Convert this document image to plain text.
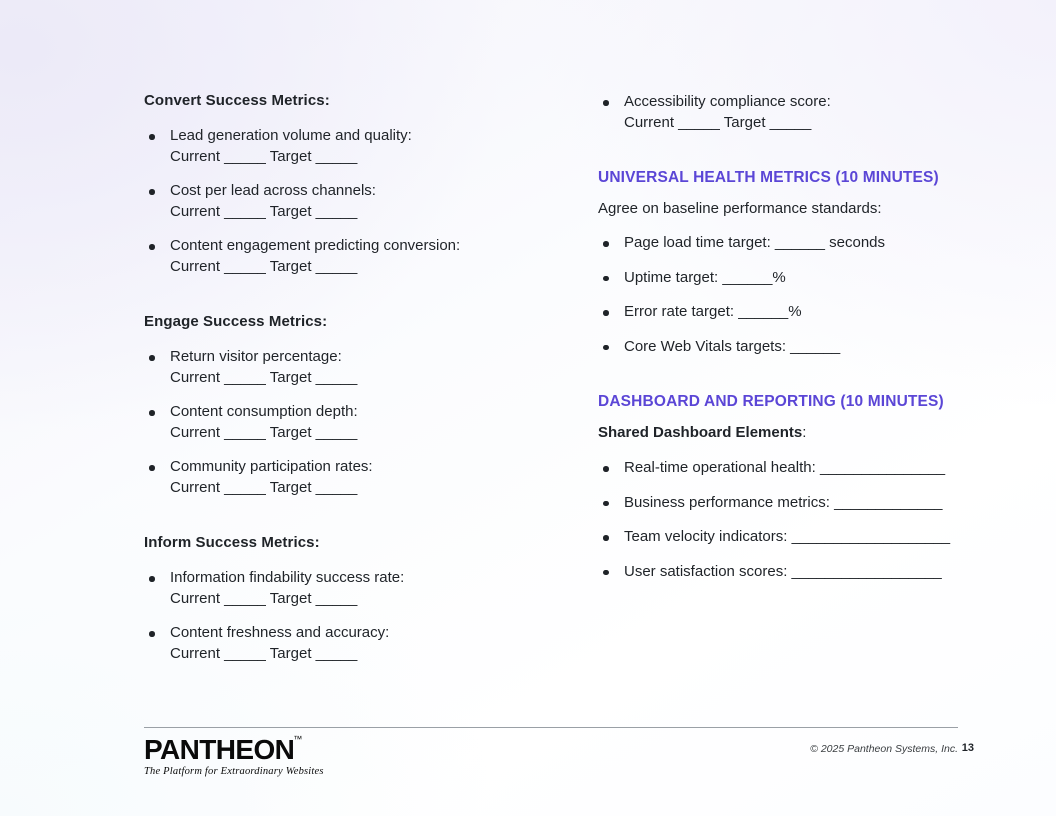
Convert Success Metrics:
Lead generation volume and quality:
Current _____ Target _____
Cost per lead across channels:
Current _____ Target _____
Content engagement predicting conversion:
Current _____ Target _____
Engage Success Metrics:
Return visitor percentage:
Current _____ Target _____
Content consumption depth:
Current _____ Target _____
Community participation rates:
Current _____ Target _____
Inform Success Metrics:
Information findability success rate:
Current _____ Target _____
Content freshness and accuracy:
Current _____ Target _____
Accessibility compliance score:
Current _____ Target _____
UNIVERSAL HEALTH METRICS (10 MINUTES)
Agree on baseline performance standards:
Page load time target: ______ seconds
Uptime target: ______%
Error rate target: ______%
Core Web Vitals targets: ______
DASHBOARD AND REPORTING (10 MINUTES)
Shared Dashboard Elements:
Real-time operational health: _______________
Business performance metrics: _____________
Team velocity indicators: ___________________
User satisfaction scores: __________________
PANTHEON ™
The Platform for Extraordinary Websites
© 2025 Pantheon Systems, Inc. 13
